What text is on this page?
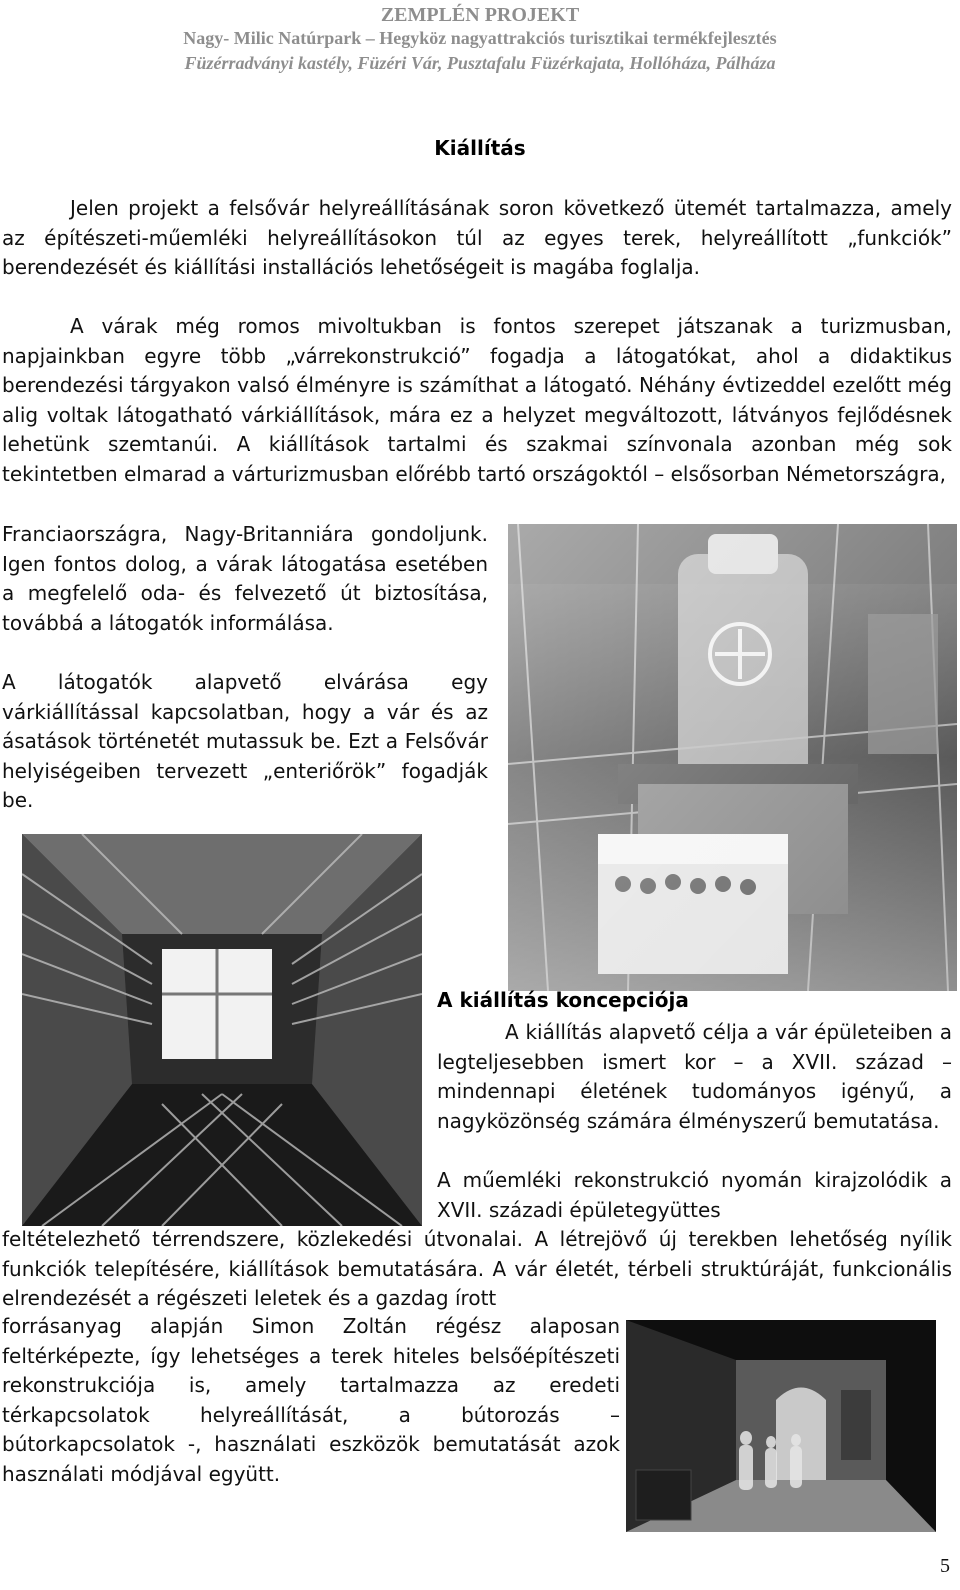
ZEMPLÉN PROJEKT
Nagy- Milic Natúrpark – Hegyköz nagyattrakciós turisztikai termékfejlesztés
Füzérradványi kastély, Füzéri Vár, Pusztafalu Füzérkajata, Hollóháza, Pálháza
Kiállítás

Jelen projekt a felsővár helyreállításának soron következő ütemét tartalmazza, amely az építészeti-műemléki helyreállításokon túl az egyes terek, helyreállított „funkciók” berendezését és kiállítási installációs lehetőségeit is magába foglalja.

A várak még romos mivoltukban is fontos szerepet játszanak a turizmusban, napjainkban egyre több „várrekonstrukció” fogadja a látogatókat, ahol a didaktikus berendezési tárgyakon valsó élményre is számíthat a látogató. Néhány évtizeddel ezelőtt még alig voltak látogatható várkiállítások, mára ez a helyzet megváltozott, látványos fejlődésnek lehetünk szemtanúi. A kiállítások tartalmi és szakmai színvonala azonban még sok tekintetben elmarad a várturizmusban előrébb tartó országoktól – elsősorban Németországra,

Franciaországra, Nagy-Britanniára gondoljunk. Igen fontos dolog, a várak látogatása esetében a megfelelő oda- és felvezető út biztosítása, továbbá a látogatók informálása.

A látogatók alapvető elvárása egy várkiállítással kapcsolatban, hogy a vár és az ásatások történetét mutassuk be. Ezt a Felsővár helyiségeiben tervezett „enteriőrök” fogadják be.

A kiállítás koncepciója

A kiállítás alapvető célja a vár épületeiben a legteljesebben ismert kor – a XVII. század – mindennapi életének tudományos igényű, a nagyközönség számára élményszerű bemutatása.

A műemléki rekonstrukció nyomán kirajzolódik a XVII. századi épületegyüttes

feltételezhető térrendszere, közlekedési útvonalai. A létrejövő új terekben lehetőség nyílik funkciók telepítésére, kiállítások bemutatására. A vár életét, térbeli struktúráját, funkcionális elrendezését a régészeti leletek és a gazdag írott

forrásanyag alapján Simon Zoltán régész alaposan feltérképezte, így lehetséges a terek hiteles belsőépítészeti rekonstrukciója is, amely tartalmazza az eredeti térkapcsolatok helyreállítását, a bútorozás – bútorkapcsolatok -, használati eszközök bemutatását azok használati módjával együtt.

5
